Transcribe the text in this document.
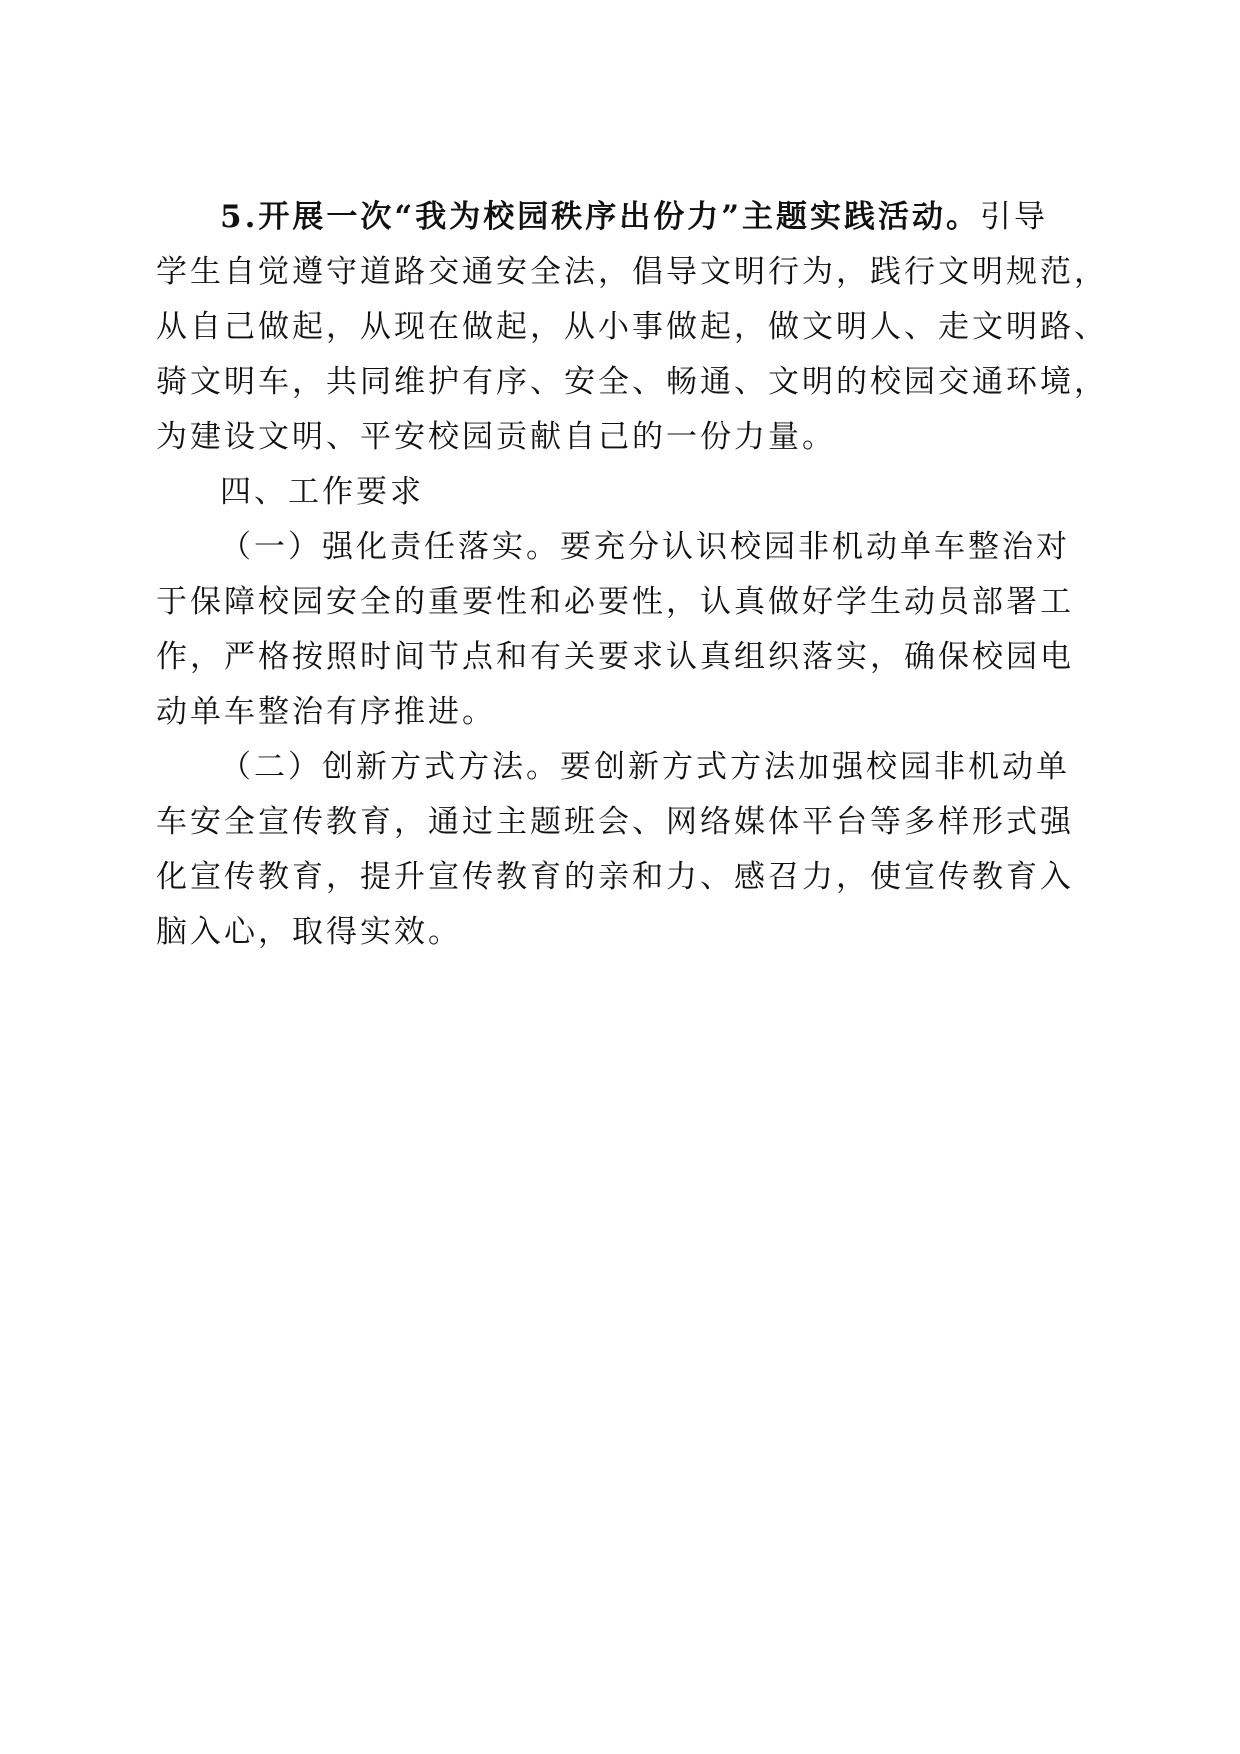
5.开展一次“我为校园秩序出份力”主题实践活动。引导
学生自觉遵守道路交通安全法，倡导文明行为，践行文明规范，
从自己做起，从现在做起，从小事做起，做文明人、走文明路、
骑文明车，共同维护有序、安全、畅通、文明的校园交通环境，
为建设文明、平安校园贡献自己的一份力量。
四、工作要求
（一）强化责任落实。要充分认识校园非机动单车整治对
于保障校园安全的重要性和必要性，认真做好学生动员部署工
作，严格按照时间节点和有关要求认真组织落实，确保校园电
动单车整治有序推进。
（二）创新方式方法。要创新方式方法加强校园非机动单
车安全宣传教育，通过主题班会、网络媒体平台等多样形式强
化宣传教育，提升宣传教育的亲和力、感召力，使宣传教育入
脑入心，取得实效。
